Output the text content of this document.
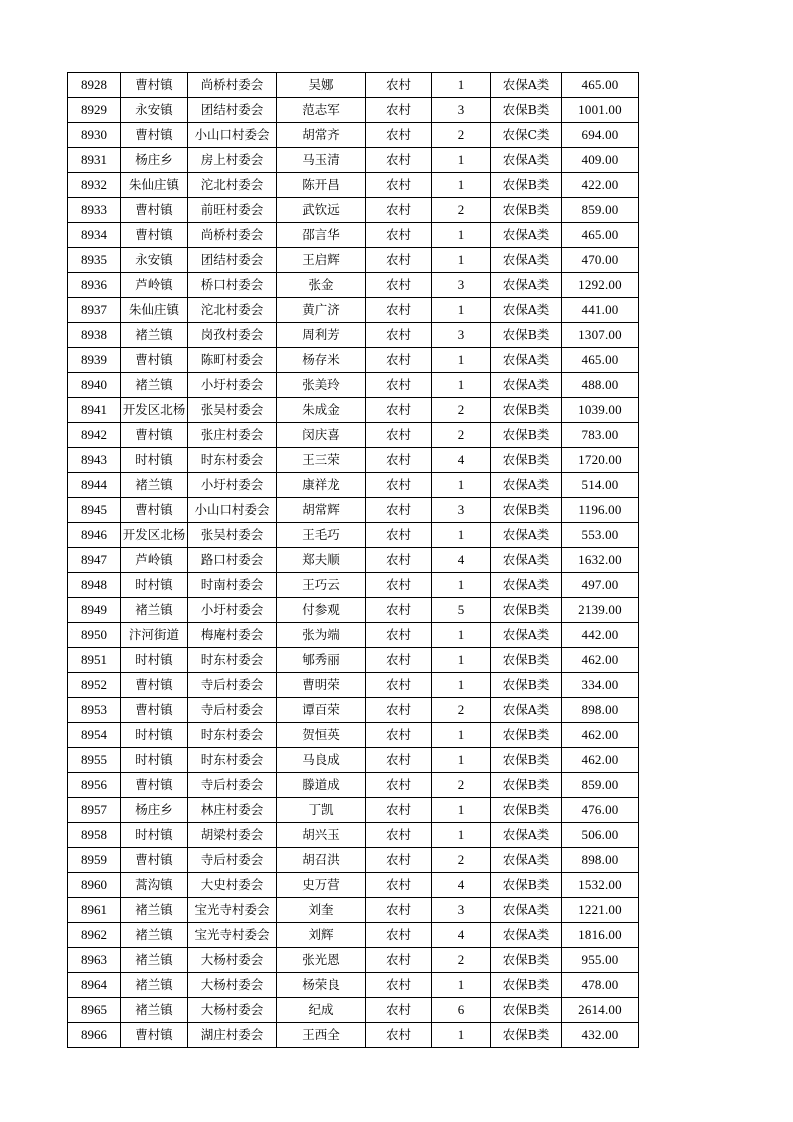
8928	曹村镇	尚桥村委会	吴娜	农村	1	农保A类	465.00
8929	永安镇	团结村委会	范志军	农村	3	农保B类	1001.00
8930	曹村镇	小山口村委会	胡常齐	农村	2	农保C类	694.00
8931	杨庄乡	房上村委会	马玉清	农村	1	农保A类	409.00
8932	朱仙庄镇	沱北村委会	陈开昌	农村	1	农保B类	422.00
8933	曹村镇	前旺村委会	武钦远	农村	2	农保B类	859.00
8934	曹村镇	尚桥村委会	邵言华	农村	1	农保A类	465.00
8935	永安镇	团结村委会	王启辉	农村	1	农保A类	470.00
8936	芦岭镇	桥口村委会	张金	农村	3	农保A类	1292.00
8937	朱仙庄镇	沱北村委会	黄广济	农村	1	农保A类	441.00
8938	褚兰镇	岗孜村委会	周利芳	农村	3	农保B类	1307.00
8939	曹村镇	陈町村委会	杨存米	农村	1	农保A类	465.00
8940	褚兰镇	小圩村委会	张美玲	农村	1	农保A类	488.00
8941	开发区北杨	张吴村委会	朱成金	农村	2	农保B类	1039.00
8942	曹村镇	张庄村委会	闵庆喜	农村	2	农保B类	783.00
8943	时村镇	时东村委会	王三荣	农村	4	农保B类	1720.00
8944	褚兰镇	小圩村委会	康祥龙	农村	1	农保A类	514.00
8945	曹村镇	小山口村委会	胡常辉	农村	3	农保B类	1196.00
8946	开发区北杨	张吴村委会	王毛巧	农村	1	农保A类	553.00
8947	芦岭镇	路口村委会	郑夫顺	农村	4	农保A类	1632.00
8948	时村镇	时南村委会	王巧云	农村	1	农保A类	497.00
8949	褚兰镇	小圩村委会	付参观	农村	5	农保B类	2139.00
8950	汴河街道	梅庵村委会	张为端	农村	1	农保A类	442.00
8951	时村镇	时东村委会	郇秀丽	农村	1	农保B类	462.00
8952	曹村镇	寺后村委会	曹明荣	农村	1	农保B类	334.00
8953	曹村镇	寺后村委会	谭百荣	农村	2	农保A类	898.00
8954	时村镇	时东村委会	贺恒英	农村	1	农保B类	462.00
8955	时村镇	时东村委会	马良成	农村	1	农保B类	462.00
8956	曹村镇	寺后村委会	滕道成	农村	2	农保B类	859.00
8957	杨庄乡	林庄村委会	丁凯	农村	1	农保B类	476.00
8958	时村镇	胡梁村委会	胡兴玉	农村	1	农保A类	506.00
8959	曹村镇	寺后村委会	胡召洪	农村	2	农保A类	898.00
8960	蒿沟镇	大史村委会	史万营	农村	4	农保B类	1532.00
8961	褚兰镇	宝光寺村委会	刘奎	农村	3	农保A类	1221.00
8962	褚兰镇	宝光寺村委会	刘辉	农村	4	农保A类	1816.00
8963	褚兰镇	大杨村委会	张光恩	农村	2	农保B类	955.00
8964	褚兰镇	大杨村委会	杨荣良	农村	1	农保B类	478.00
8965	褚兰镇	大杨村委会	纪成	农村	6	农保B类	2614.00
8966	曹村镇	湖庄村委会	王西全	农村	1	农保B类	432.00
